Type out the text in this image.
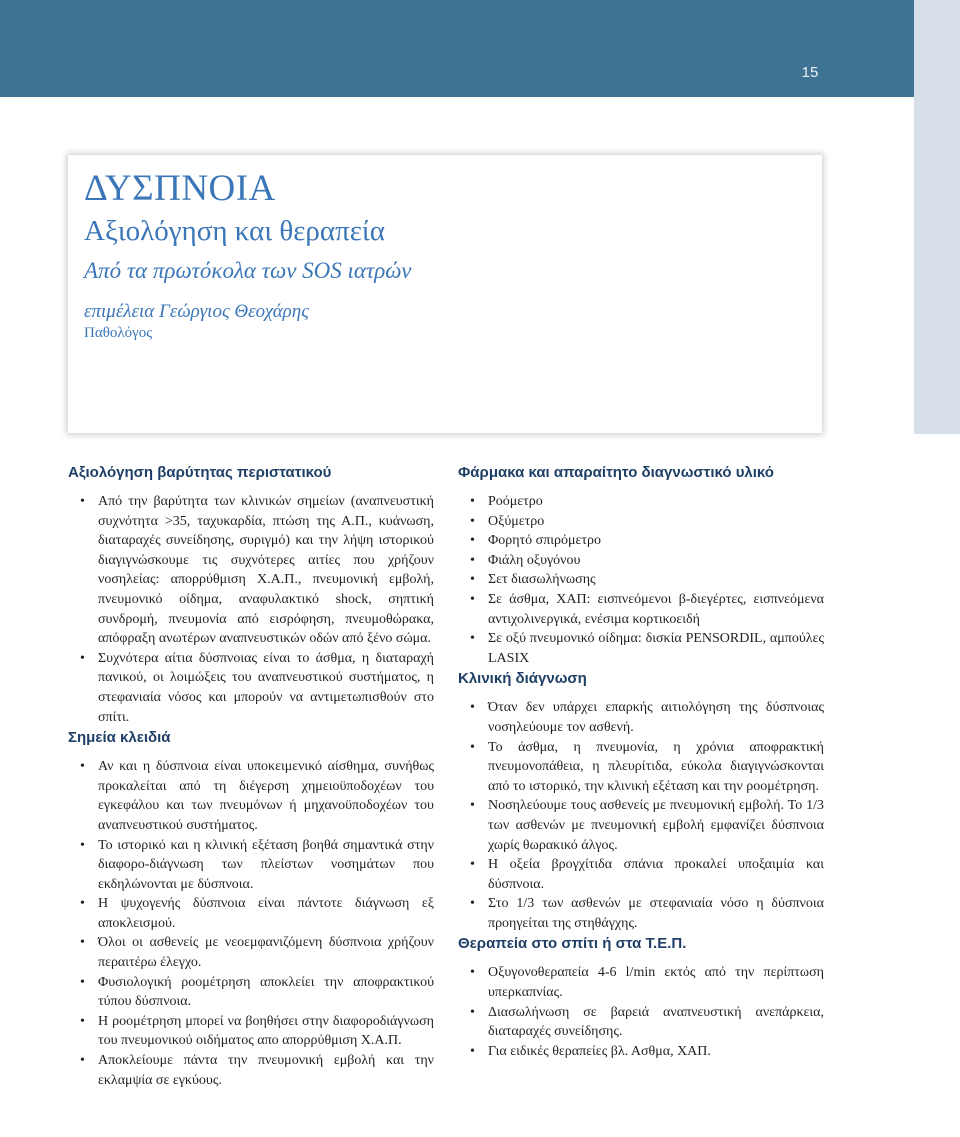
15
ΔΥΣΠΝΟΙΑ
Αξιολόγηση και θεραπεία
Από τα πρωτόκολα των SOS ιατρών
επιμέλεια Γεώργιος Θεοχάρης
Παθολόγος
Αξιολόγηση βαρύτητας περιστατικού
• Από την βαρύτητα των κλινικών σημείων (αναπνευστική συχνότητα >35, ταχυκαρδία, πτώση της Α.Π., κυάνωση, διαταραχές συνείδησης, συριγμό) και την λήψη ιστορικού διαγιγνώσκουμε τις συχνότερες αιτίες που χρήζουν νοσηλείας: απορρύθμιση Χ.Α.Π., πνευμονική εμβολή, πνευμονικό οίδημα, αναφυλακτικό shock, σηπτική συνδρομή, πνευμονία από εισρόφηση, πνευμοθώρακα, απόφραξη ανωτέρων αναπνευστικών οδών από ξένο σώμα.
• Συχνότερα αίτια δύσπνοιας είναι το άσθμα, η διαταραχή πανικού, οι λοιμώξεις του αναπνευστικού συστήματος, η στεφανιαία νόσος και μπορούν να αντιμετωπισθούν στο σπίτι.
Σημεία κλειδιά
• Αν και η δύσπνοια είναι υποκειμενικό αίσθημα, συνήθως προκαλείται από τη διέγερση χημειοϋποδοχέων του εγκεφάλου και των πνευμόνων ή μηχανοϋποδοχέων του αναπνευστικού συστήματος.
• Το ιστορικό και η κλινική εξέταση βοηθά σημαντικά στην διαφορο-διάγνωση των πλείστων νοσημάτων που εκδηλώνονται με δύσπνοια.
• Η ψυχογενής δύσπνοια είναι πάντοτε διάγνωση εξ αποκλεισμού.
• Όλοι οι ασθενείς με νεοεμφανιζόμενη δύσπνοια χρήζουν περαιτέρω έλεγχο.
• Φυσιολογική ροομέτρηση αποκλείει την αποφρακτικού τύπου δύσπνοια.
• Η ροομέτρηση μπορεί να βοηθήσει στην διαφοροδιάγνωση του πνευμονικού οιδήματος απο απορρύθμιση Χ.Α.Π.
• Αποκλείουμε πάντα την πνευμονική εμβολή και την εκλαμψία σε εγκύους.
Φάρμακα και απαραίτητο διαγνωστικό υλικό
• Ροόμετρο
• Οξύμετρο
• Φορητό σπιρόμετρο
• Φιάλη οξυγόνου
• Σετ διασωλήνωσης
• Σε άσθμα, ΧΑΠ: εισπνεόμενοι β-διεγέρτες, εισπνεόμενα αντιχολινεργικά, ενέσιμα κορτικοειδή
• Σε οξύ πνευμονικό οίδημα: δισκία PENSORDIL, αμπούλες LASIX
Κλινική διάγνωση
• Όταν δεν υπάρχει επαρκής αιτιολόγηση της δύσπνοιας νοσηλεύουμε τον ασθενή.
• Το άσθμα, η πνευμονία, η χρόνια αποφρακτική πνευμονοπάθεια, η πλευρίτιδα, εύκολα διαγιγνώσκονται από το ιστορικό, την κλινική εξέταση και την ροομέτρηση.
• Νοσηλεύουμε τους ασθενείς με πνευμονική εμβολή. Το 1/3 των ασθενών με πνευμονική εμβολή εμφανίζει δύσπνοια χωρίς θωρακικό άλγος.
• Η οξεία βρογχίτιδα σπάνια προκαλεί υποξαιμία και δύσπνοια.
• Στο 1/3 των ασθενών με στεφανιαία νόσο η δύσπνοια προηγείται της στηθάγχης.
Θεραπεία στο σπίτι ή στα Τ.Ε.Π.
• Οξυγονοθεραπεία 4-6 l/min εκτός από την περίπτωση υπερκαπνίας.
• Διασωλήνωση σε βαρειά αναπνευστική ανεπάρκεια, διαταραχές συνείδησης.
• Για ειδικές θεραπείες βλ. Ασθμα, ΧΑΠ.
